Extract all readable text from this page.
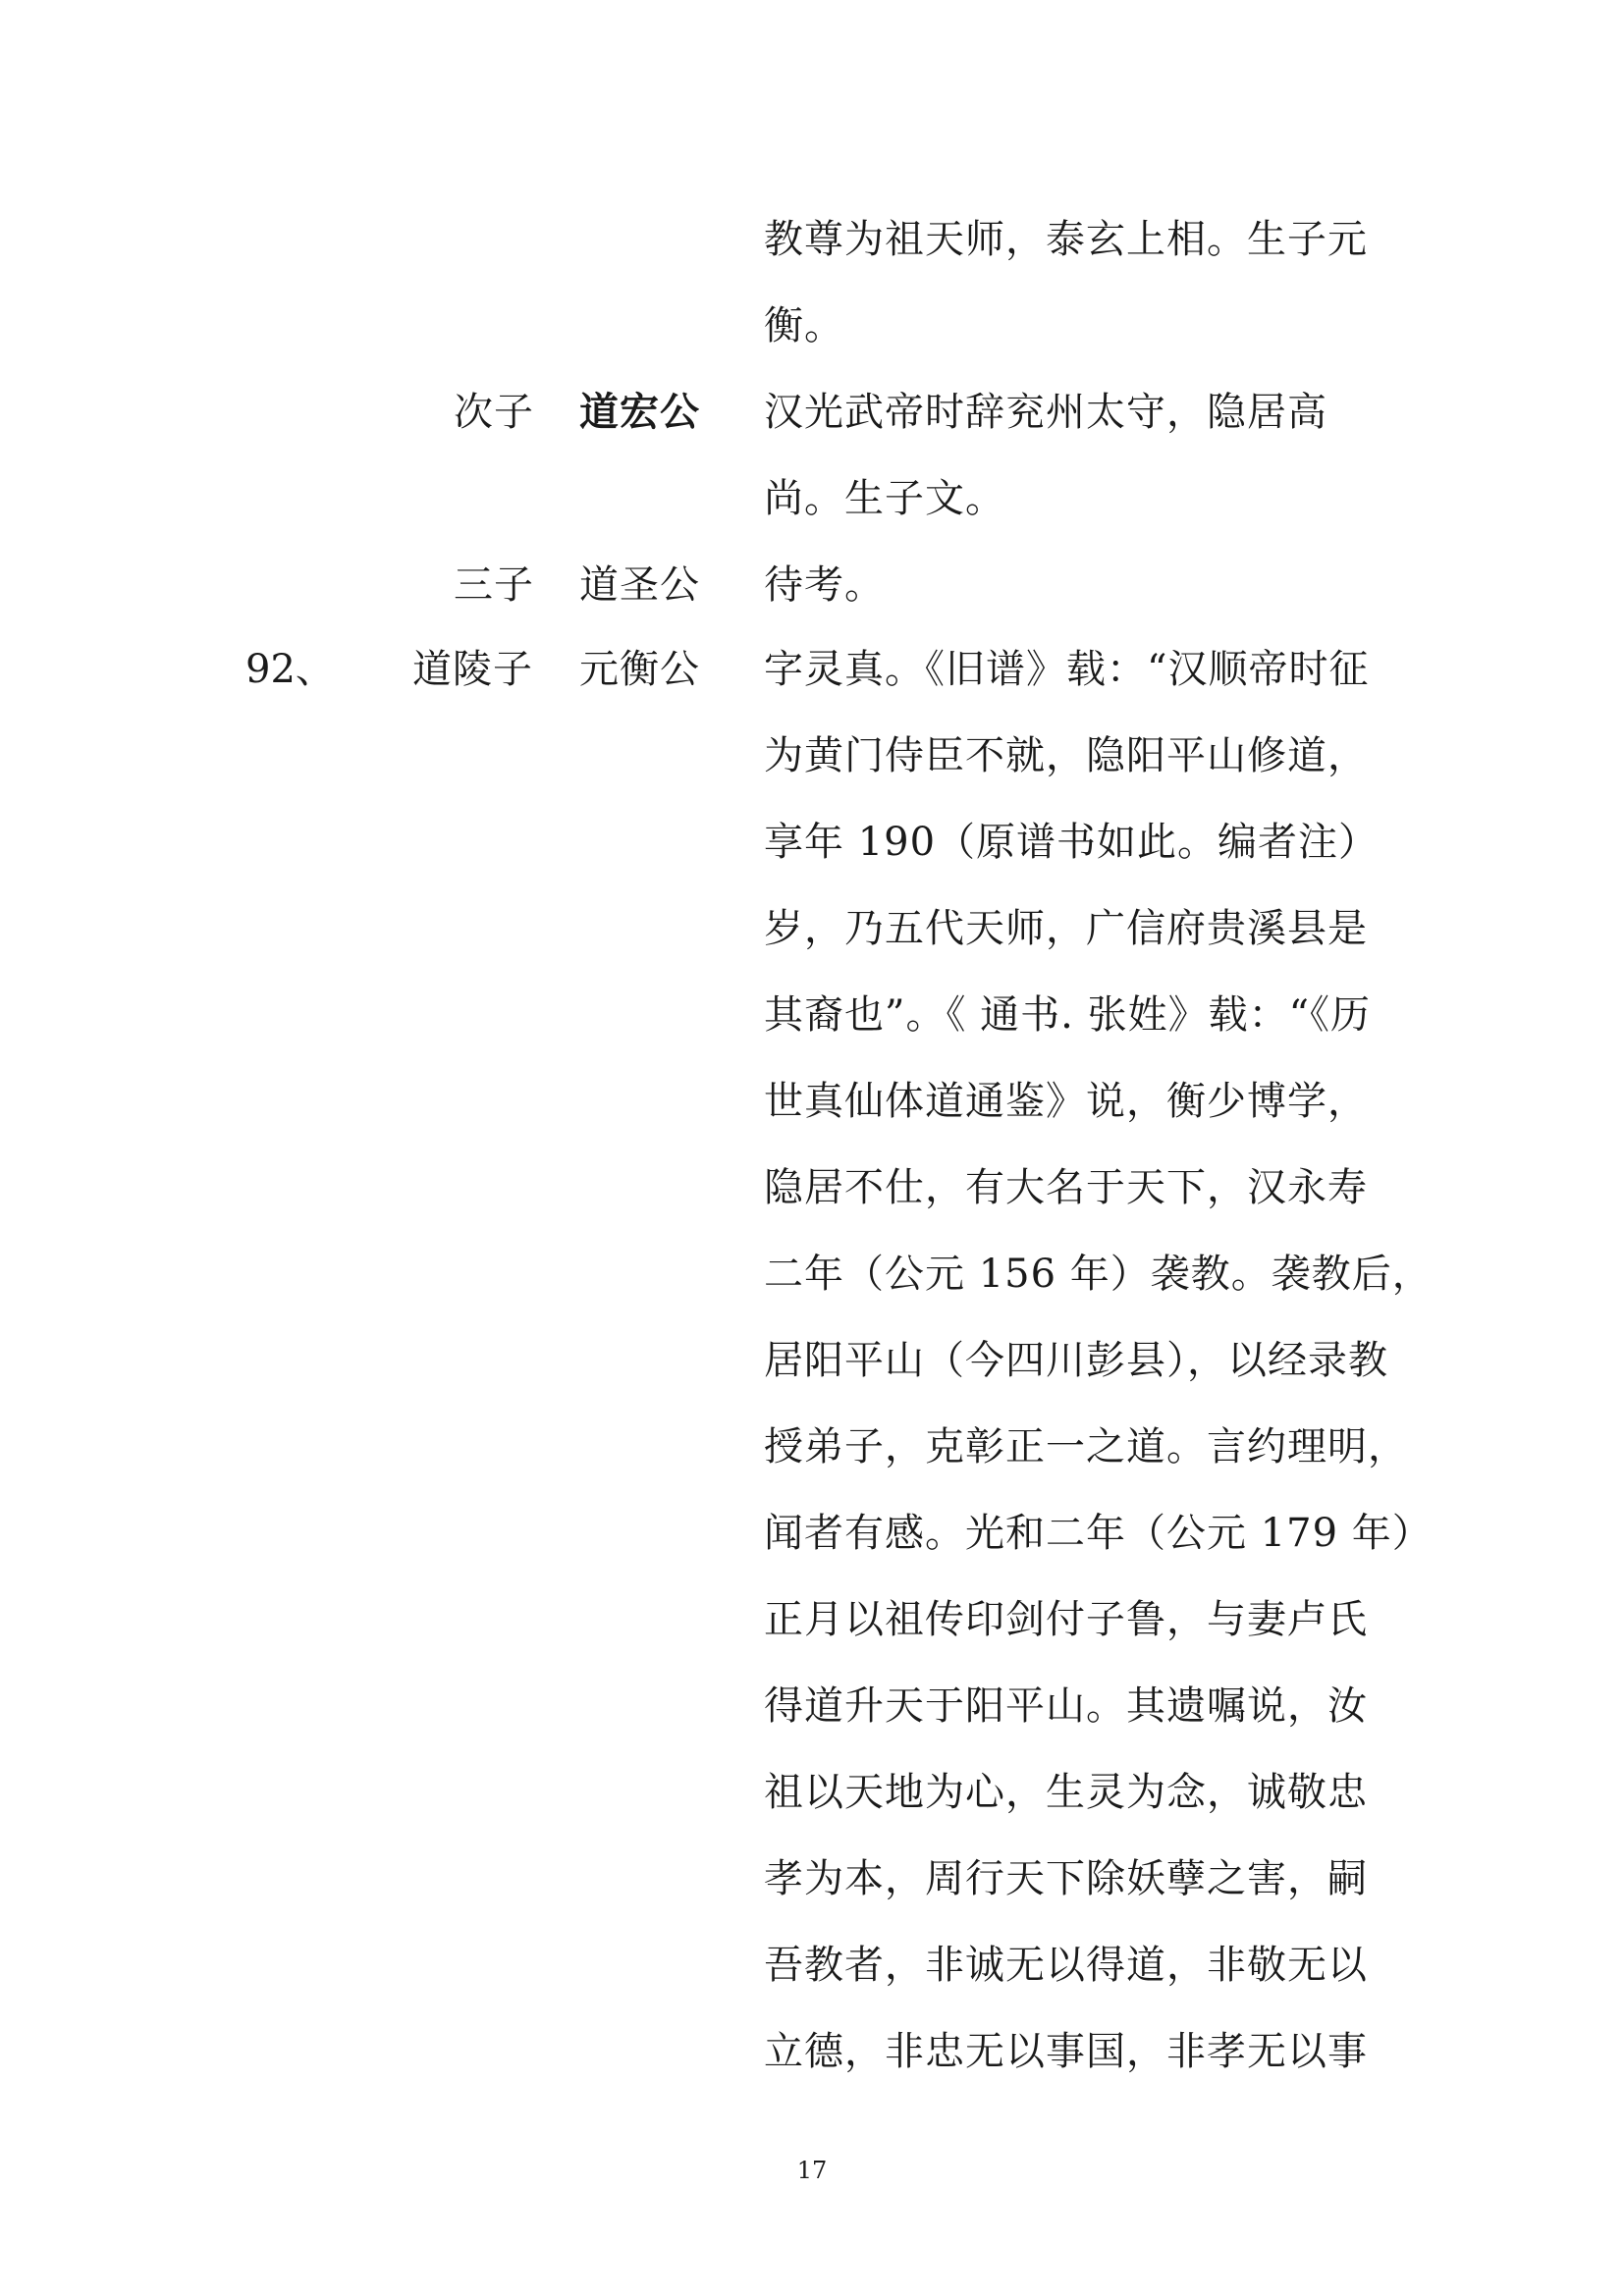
教尊为祖天师，泰玄上相。生子元
衡。
次子 道宏公 汉光武帝时辞兖州太守，隐居高
尚。生子文。
三子 道圣公 待考。
92、 道陵子 元衡公 字灵真。《旧谱》载：“汉顺帝时征
为黄门侍臣不就，隐阳平山修道，
享年 190（原谱书如此。编者注）
岁，乃五代天师，广信府贵溪县是
其裔也”。《 通书. 张姓》载：“《历
世真仙体道通鉴》说，衡少博学，
隐居不仕，有大名于天下，汉永寿
二年（公元 156 年）袭教。袭教后，
居阳平山（今四川彭县），以经录教
授弟子，克彰正一之道。言约理明，
闻者有感。光和二年（公元 179 年）
正月以祖传印剑付子鲁，与妻卢氏
得道升天于阳平山。其遗嘱说，汝
祖以天地为心，生灵为念，诚敬忠
孝为本，周行天下除妖孽之害，嗣
吾教者，非诚无以得道，非敬无以
立德，非忠无以事国，非孝无以事
17
